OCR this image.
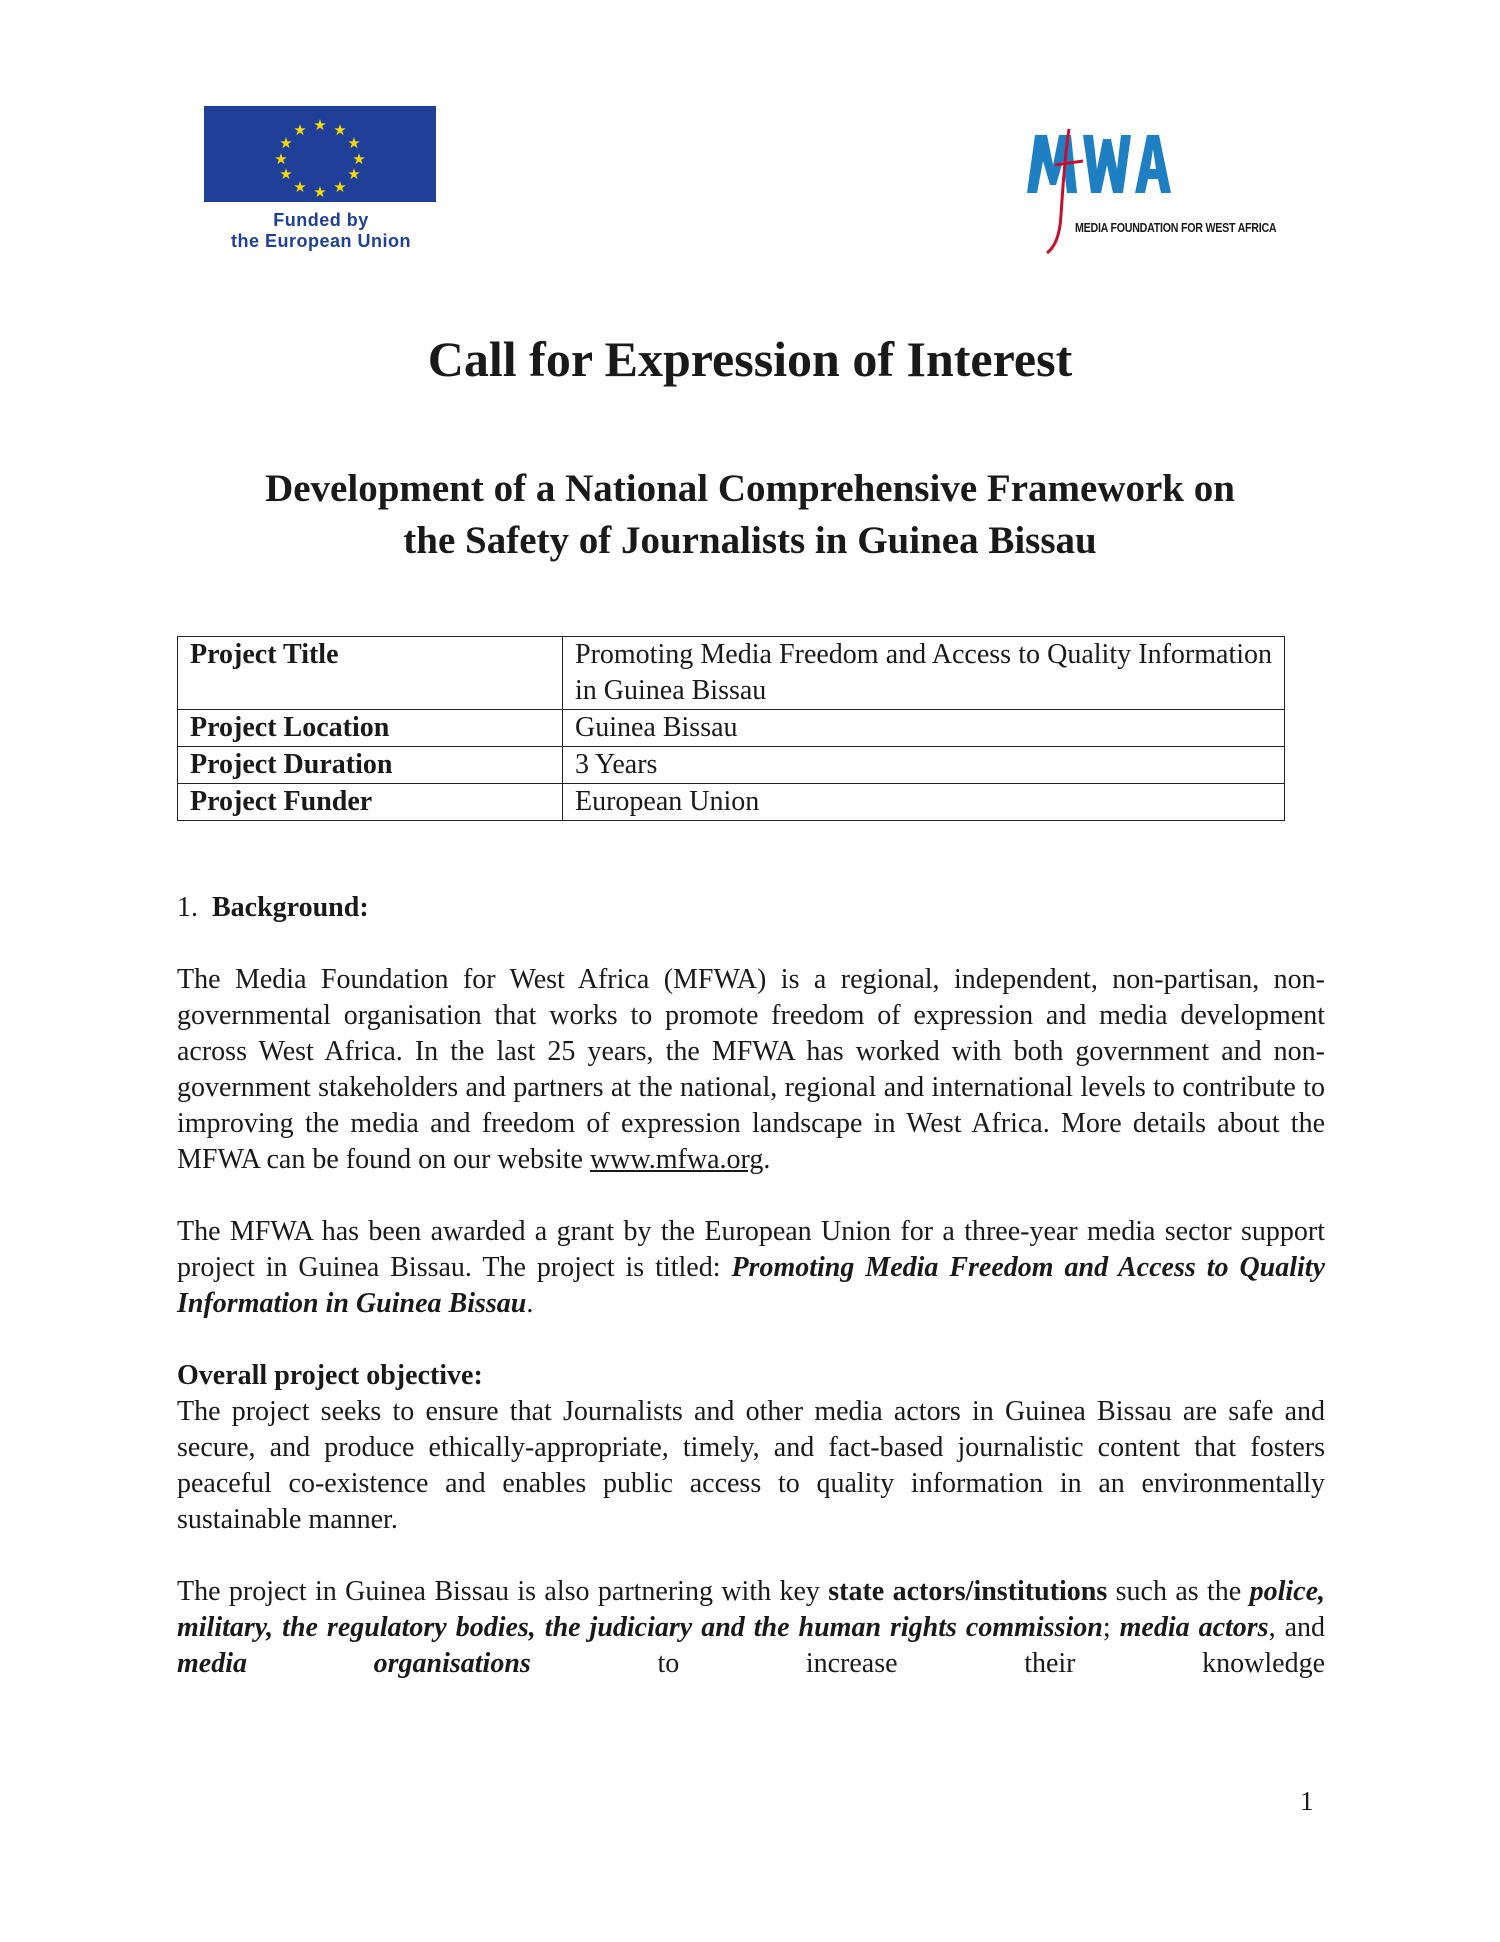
★ ★
★
★
★
★
★
★
★
★
★
★
Funded by
the European Union
MEDIA FOUNDATION FOR WEST AFRICA
Call for Expression of Interest
Development of a National Comprehensive Framework on
the Safety of Journalists in Guinea Bissau
Project Title	Promoting Media Freedom and Access to Quality Information in Guinea Bissau
Project Location	Guinea Bissau
Project Duration	3 Years
Project Funder	European Union
1. Background:

The Media Foundation for West Africa (MFWA) is a regional, independent, non-partisan, non-governmental organisation that works to promote freedom of expression and media development across West Africa. In the last 25 years, the MFWA has worked with both government and non-government stakeholders and partners at the national, regional and international levels to contribute to improving the media and freedom of expression landscape in West Africa. More details about the MFWA can be found on our website www.mfwa.org.

The MFWA has been awarded a grant by the European Union for a three-year media sector support project in Guinea Bissau. The project is titled: Promoting Media Freedom and Access to Quality Information in Guinea Bissau.

Overall project objective:

The project seeks to ensure that Journalists and other media actors in Guinea Bissau are safe and secure, and produce ethically-appropriate, timely, and fact-based journalistic content that fosters peaceful co-existence and enables public access to quality information in an environmentally sustainable manner.

The project in Guinea Bissau is also partnering with key state actors/institutions such as the police, military, the regulatory bodies, the judiciary and the human rights commission; media actors, and media organisations	to increase their knowledge

1
